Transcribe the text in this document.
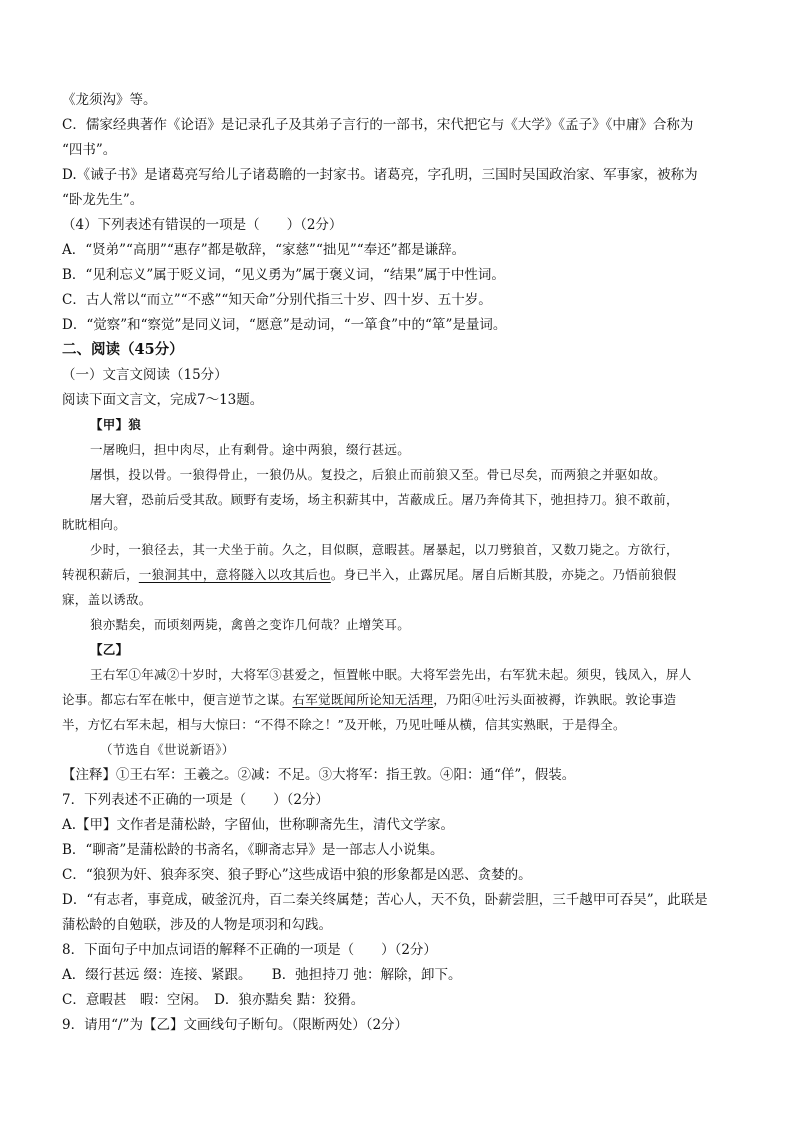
《龙须沟》等。
C．儒家经典著作《论语》是记录孔子及其弟子言行的一部书，宋代把它与《大学》《孟子》《中庸》合称为
“四书”。
D.《诫子书》是诸葛亮写给儿子诸葛瞻的一封家书。诸葛亮，字孔明，三国时吴国政治家、军事家，被称为
“卧龙先生”。
（4）下列表述有错误的一项是（　　）（2分）
A．“贤弟”“高朋”“惠存”都是敬辞，“家慈”“拙见”“奉还”都是谦辞。
B．“见利忘义”属于贬义词，“见义勇为”属于褒义词，“结果”属于中性词。
C．古人常以“而立”“不惑”“知天命”分别代指三十岁、四十岁、五十岁。
D．“觉察”和“察觉”是同义词，“愿意”是动词，“一箪食”中的“箪”是量词。
二、阅读（45分）
（一）文言文阅读（15分）
阅读下面文言文，完成7～13题。
【甲】狼
一屠晚归，担中肉尽，止有剩骨。途中两狼，缀行甚远。
屠惧，投以骨。一狼得骨止，一狼仍从。复投之，后狼止而前狼又至。骨已尽矣，而两狼之并驱如故。
屠大窘，恐前后受其敌。顾野有麦场，场主积薪其中，苫蔽成丘。屠乃奔倚其下，弛担持刀。狼不敢前，
眈眈相向。
少时，一狼径去，其一犬坐于前。久之，目似瞑，意暇甚。屠暴起，以刀劈狼首，又数刀毙之。方欲行，
转视积薪后，一狼洞其中，意将隧入以攻其后也。身已半入，止露尻尾。屠自后断其股，亦毙之。乃悟前狼假
寐，盖以诱敌。
狼亦黠矣，而顷刻两毙，禽兽之变诈几何哉？止增笑耳。
【乙】
王右军①年减②十岁时，大将军③甚爱之，恒置帐中眠。大将军尝先出，右军犹未起。须臾，钱凤入，屏人
论事。都忘右军在帐中，便言逆节之谋。右军觉既闻所论知无活理，乃阳④吐污头面被褥，诈孰眠。敦论事造
半，方忆右军未起，相与大惊曰：“不得不除之！”及开帐，乃见吐唾从横，信其实熟眠，于是得全。
（节选自《世说新语》）
【注释】①王右军：王羲之。②减：不足。③大将军：指王敦。④阳：通“佯”，假装。
7．下列表述不正确的一项是（　　）（2分）
A.【甲】文作者是蒲松龄，字留仙，世称聊斋先生，清代文学家。
B．“聊斋”是蒲松龄的书斋名，《聊斋志异》是一部志人小说集。
C．“狼狈为奸、狼奔豕突、狼子野心”这些成语中狼的形象都是凶恶、贪婪的。
D．“有志者，事竟成，破釜沉舟，百二秦关终属楚；苦心人，天不负，卧薪尝胆，三千越甲可吞吴”，此联是
蒲松龄的自勉联，涉及的人物是项羽和勾践。
8．下面句子中加点词语的解释不正确的一项是（　　）（2分）
A．缀行甚远 缀：连接、紧跟。　　B．弛担持刀 弛：解除，卸下。
C．意暇甚　暇：空闲。　D．狼亦黠矣 黠：狡猾。
9．请用“/”为【乙】文画线句子断句。（限断两处）（2分）
